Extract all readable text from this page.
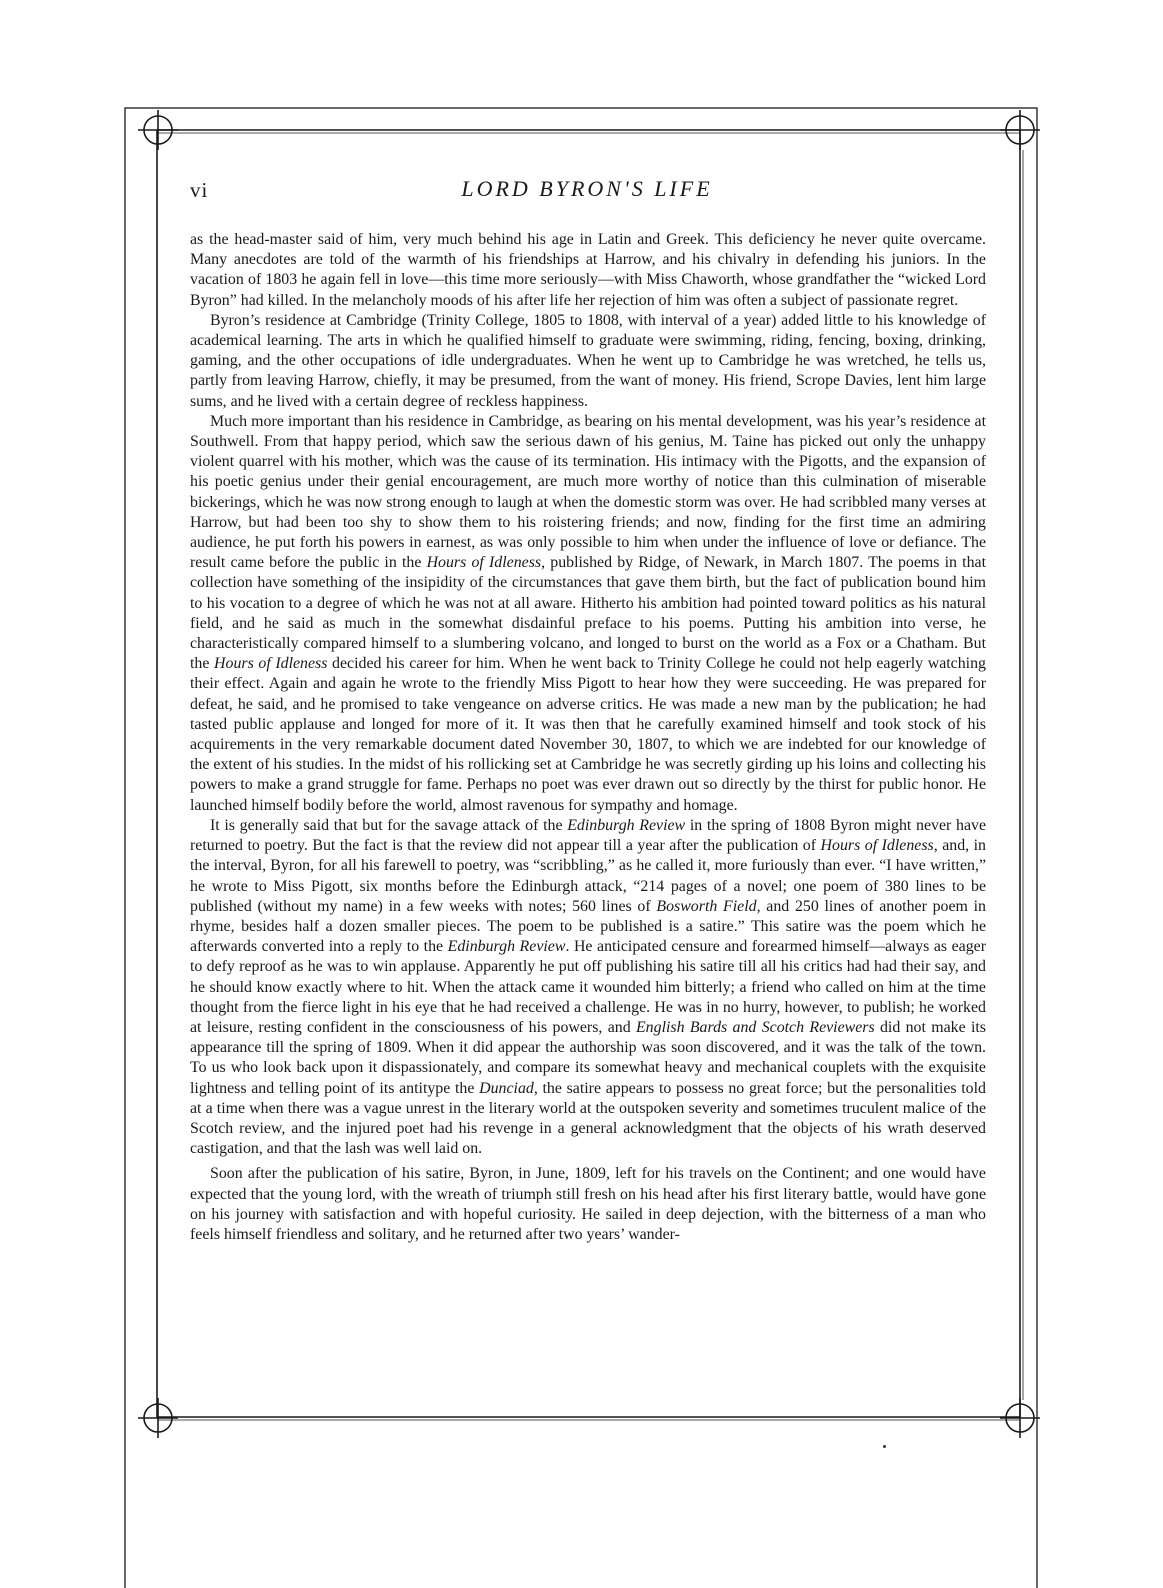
vi	LORD BYRON'S LIFE

as the head-master said of him, very much behind his age in Latin and Greek. This deficiency he never quite overcame. Many anecdotes are told of the warmth of his friendships at Harrow, and his chivalry in defending his juniors. In the vacation of 1803 he again fell in love—this time more seriously—with Miss Chaworth, whose grandfather the “wicked Lord Byron” had killed. In the melancholy moods of his after life her rejection of him was often a subject of passionate regret.

Byron’s residence at Cambridge (Trinity College, 1805 to 1808, with interval of a year) added little to his knowledge of academical learning. The arts in which he qualified himself to graduate were swimming, riding, fencing, boxing, drinking, gaming, and the other occupations of idle undergraduates. When he went up to Cambridge he was wretched, he tells us, partly from leaving Harrow, chiefly, it may be presumed, from the want of money. His friend, Scrope Davies, lent him large sums, and he lived with a certain degree of reckless happiness.

Much more important than his residence in Cambridge, as bearing on his mental development, was his year’s residence at Southwell. From that happy period, which saw the serious dawn of his genius, M. Taine has picked out only the unhappy violent quarrel with his mother, which was the cause of its termination. His intimacy with the Pigotts, and the expansion of his poetic genius under their genial encouragement, are much more worthy of notice than this culmination of miserable bickerings, which he was now strong enough to laugh at when the domestic storm was over. He had scribbled many verses at Harrow, but had been too shy to show them to his roistering friends; and now, finding for the first time an admiring audience, he put forth his powers in earnest, as was only possible to him when under the influence of love or defiance. The result came before the public in the Hours of Idleness, published by Ridge, of Newark, in March 1807. The poems in that collection have something of the insipidity of the circumstances that gave them birth, but the fact of publication bound him to his vocation to a degree of which he was not at all aware. Hitherto his ambition had pointed toward politics as his natural field, and he said as much in the somewhat disdainful preface to his poems. Putting his ambition into verse, he characteristically compared himself to a slumbering volcano, and longed to burst on the world as a Fox or a Chatham. But the Hours of Idleness decided his career for him. When he went back to Trinity College he could not help eagerly watching their effect. Again and again he wrote to the friendly Miss Pigott to hear how they were succeeding. He was prepared for defeat, he said, and he promised to take vengeance on adverse critics. He was made a new man by the publication; he had tasted public applause and longed for more of it. It was then that he carefully examined himself and took stock of his acquirements in the very remarkable document dated November 30, 1807, to which we are indebted for our knowledge of the extent of his studies. In the midst of his rollicking set at Cambridge he was secretly girding up his loins and collecting his powers to make a grand struggle for fame. Perhaps no poet was ever drawn out so directly by the thirst for public honor. He launched himself bodily before the world, almost ravenous for sympathy and homage.

It is generally said that but for the savage attack of the Edinburgh Review in the spring of 1808 Byron might never have returned to poetry. But the fact is that the review did not appear till a year after the publication of Hours of Idleness, and, in the interval, Byron, for all his farewell to poetry, was “scribbling,” as he called it, more furiously than ever. “I have written,” he wrote to Miss Pigott, six months before the Edinburgh attack, “214 pages of a novel; one poem of 380 lines to be published (without my name) in a few weeks with notes; 560 lines of Bosworth Field, and 250 lines of another poem in rhyme, besides half a dozen smaller pieces. The poem to be published is a satire.” This satire was the poem which he afterwards converted into a reply to the Edinburgh Review. He anticipated censure and forearmed himself—always as eager to defy reproof as he was to win applause. Apparently he put off publishing his satire till all his critics had had their say, and he should know exactly where to hit. When the attack came it wounded him bitterly; a friend who called on him at the time thought from the fierce light in his eye that he had received a challenge. He was in no hurry, however, to publish; he worked at leisure, resting confident in the consciousness of his powers, and English Bards and Scotch Reviewers did not make its appearance till the spring of 1809. When it did appear the authorship was soon discovered, and it was the talk of the town. To us who look back upon it dispassionately, and compare its somewhat heavy and mechanical couplets with the exquisite lightness and telling point of its antitype the Dunciad, the satire appears to possess no great force; but the personalities told at a time when there was a vague unrest in the literary world at the outspoken severity and sometimes truculent malice of the Scotch review, and the injured poet had his revenge in a general acknowledgment that the objects of his wrath deserved castigation, and that the lash was well laid on.

Soon after the publication of his satire, Byron, in June, 1809, left for his travels on the Continent; and one would have expected that the young lord, with the wreath of triumph still fresh on his head after his first literary battle, would have gone on his journey with satisfaction and with hopeful curiosity. He sailed in deep dejection, with the bitterness of a man who feels himself friendless and solitary, and he returned after two years’ wander-
